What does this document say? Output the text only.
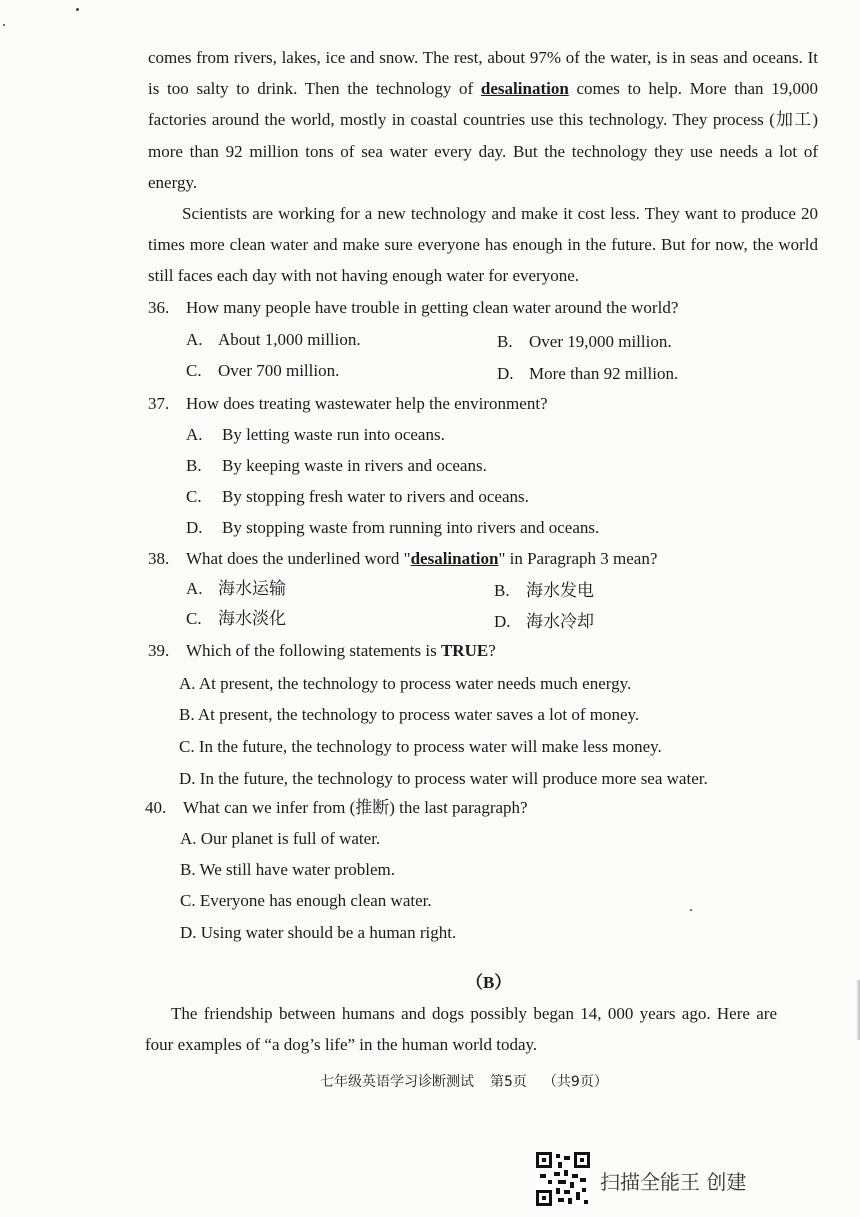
comes from rivers, lakes, ice and snow. The rest, about 97% of the water, is in seas and oceans. It is too salty to drink. Then the technology of desalination comes to help. More than 19,000 factories around the world, mostly in coastal countries use this technology. They process (加工) more than 92 million tons of sea water every day. But the technology they use needs a lot of energy.

Scientists are working for a new technology and make it cost less. They want to produce 20 times more clean water and make sure everyone has enough in the future. But for now, the world still faces each day with not having enough water for everyone.

36. How many people have trouble in getting clean water around the world?
A. About 1,000 million.	B. Over 19,000 million.
C. Over 700 million.	D. More than 92 million.
37. How does treating wastewater help the environment?
A. By letting waste run into oceans.
B. By keeping waste in rivers and oceans.
C. By stopping fresh water to rivers and oceans.
D. By stopping waste from running into rivers and oceans.
38. What does the underlined word "desalination" in Paragraph 3 mean?
A. 海水运输	B. 海水发电
C. 海水淡化	D. 海水冷却
39. Which of the following statements is TRUE?
A. At present, the technology to process water needs much energy.
B. At present, the technology to process water saves a lot of money.
C. In the future, the technology to process water will make less money.
D. In the future, the technology to process water will produce more sea water.
40. What can we infer from (推断) the last paragraph?
A. Our planet is full of water.
B. We still have water problem.
C. Everyone has enough clean water.
D. Using water should be a human right.
（B）

The friendship between humans and dogs possibly began 14, 000 years ago. Here are four examples of “a dog’s life” in the human world today.

七年级英语学习诊断测试 第5页 （共9页）
扫描全能王 创建
